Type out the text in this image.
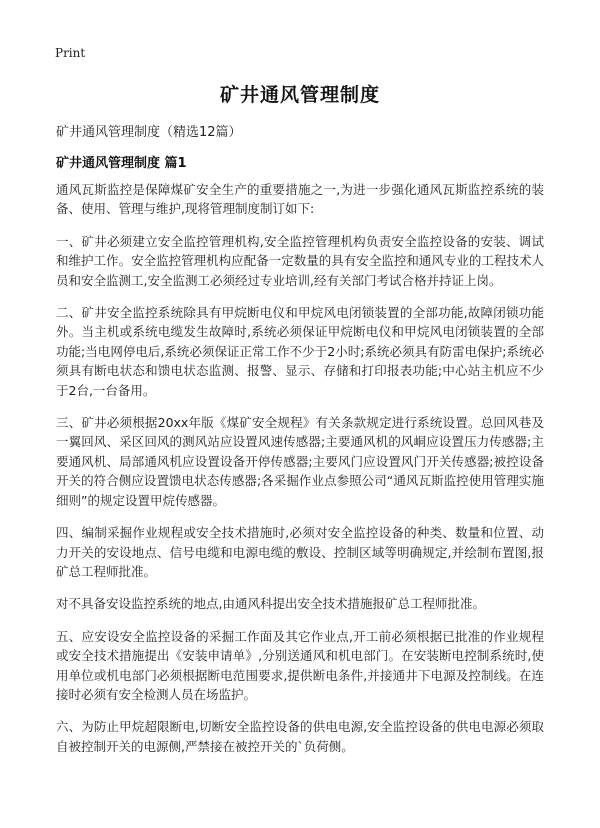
Print
矿井通风管理制度

矿井通风管理制度（精选12篇）

矿井通风管理制度 篇1

通风瓦斯监控是保障煤矿安全生产的重要措施之一,为进一步强化通风瓦斯监控系统的装备、使用、管理与维护,现将管理制度制订如下:

一、矿井必须建立安全监控管理机构,安全监控管理机构负责安全监控设备的安装、调试和维护工作。安全监控管理机构应配备一定数量的具有安全监控和通风专业的工程技术人员和安全监测工,安全监测工必须经过专业培训,经有关部门考试合格并持证上岗。

二、矿井安全监控系统除具有甲烷断电仪和甲烷风电闭锁装置的全部功能,故障闭锁功能外。当主机或系统电缆发生故障时,系统必须保证甲烷断电仪和甲烷风电闭锁装置的全部功能;当电网停电后,系统必须保证正常工作不少于2小时;系统必须具有防雷电保护;系统必须具有断电状态和馈电状态监测、报警、显示、存储和打印报表功能;中心站主机应不少于2台,一台备用。

三、矿井必须根据20xx年版《煤矿安全规程》有关条款规定进行系统设置。总回风巷及一翼回风、采区回风的测风站应设置风速传感器;主要通风机的风峒应设置压力传感器;主要通风机、局部通风机应设置设备开停传感器;主要风门应设置风门开关传感器;被控设备开关的符合侧应设置馈电状态传感器;各采掘作业点参照公司“通风瓦斯监控使用管理实施细则”的规定设置甲烷传感器。

四、编制采掘作业规程或安全技术措施时,必须对安全监控设备的种类、数量和位置、动力开关的安设地点、信号电缆和电源电缆的敷设、控制区域等明确规定,并绘制布置图,报矿总工程师批准。

对不具备安设监控系统的地点,由通风科提出安全技术措施报矿总工程师批准。

五、应安设安全监控设备的采掘工作面及其它作业点,开工前必须根据已批准的作业规程或安全技术措施提出《安装申请单》,分别送通风和机电部门。在安装断电控制系统时,使用单位或机电部门必须根据断电范围要求,提供断电条件,并接通井下电源及控制线。在连接时必须有安全检测人员在场监护。

六、为防止甲烷超限断电,切断安全监控设备的供电电源,安全监控设备的供电电源必须取自被控制开关的电源侧,严禁接在被控开关的`负荷侧。
